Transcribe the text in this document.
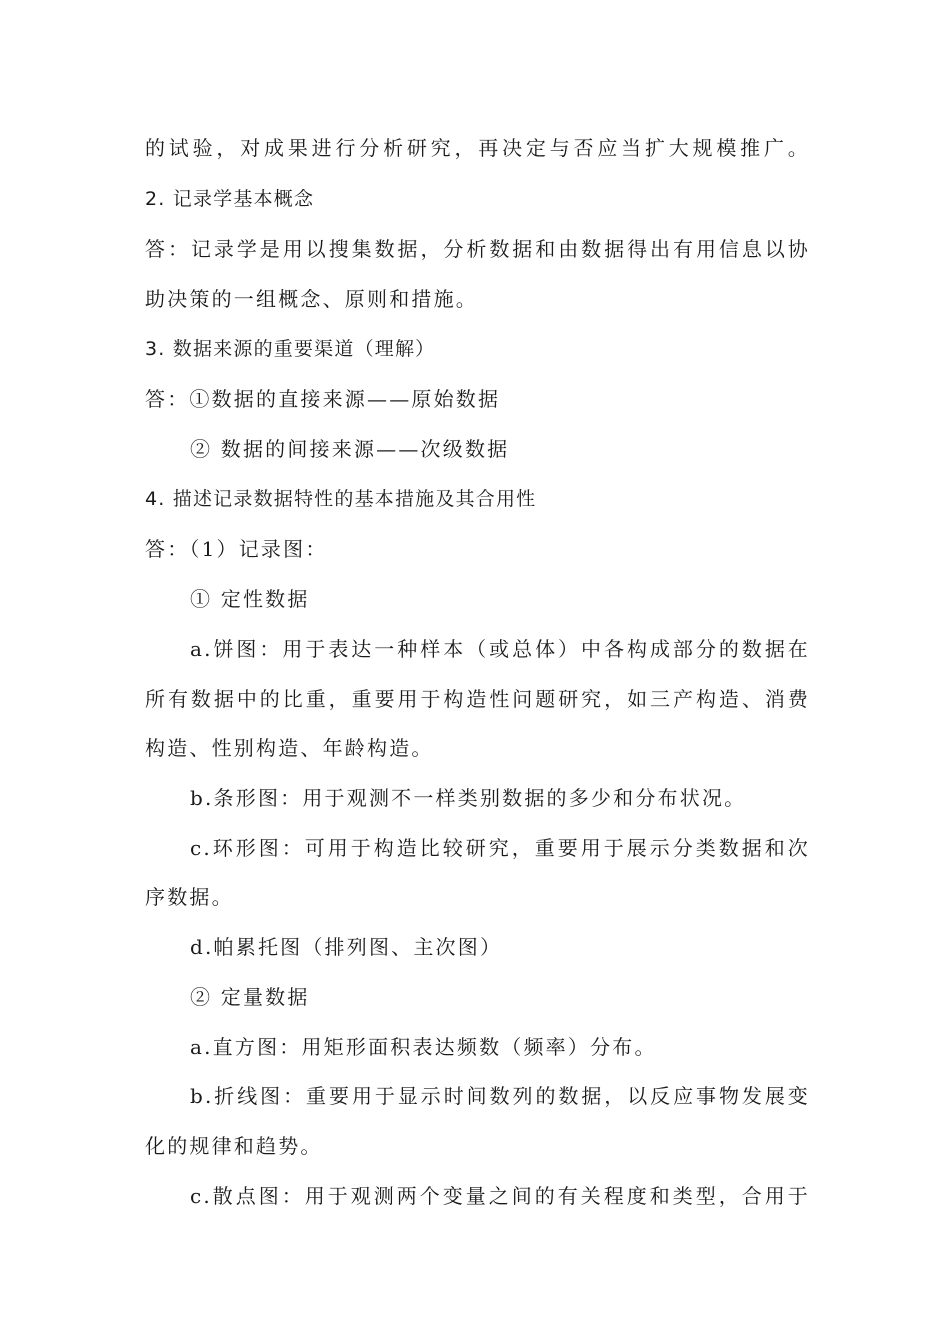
的试验，对成果进行分析研究，再决定与否应当扩大规模推广。
2. 记录学基本概念
答：记录学是用以搜集数据，分析数据和由数据得出有用信息以协
助决策的一组概念、原则和措施。
3. 数据来源的重要渠道（理解）
答：①数据的直接来源——原始数据
② 数据的间接来源——次级数据
4. 描述记录数据特性的基本措施及其合用性
答：（1）记录图：
① 定性数据
a.饼图：用于表达一种样本（或总体）中各构成部分的数据在
所有数据中的比重，重要用于构造性问题研究，如三产构造、消费
构造、性别构造、年龄构造。
b.条形图：用于观测不一样类别数据的多少和分布状况。
c.环形图：可用于构造比较研究，重要用于展示分类数据和次
序数据。
d.帕累托图（排列图、主次图）
② 定量数据
a.直方图：用矩形面积表达频数（频率）分布。
b.折线图：重要用于显示时间数列的数据，以反应事物发展变
化的规律和趋势。
c.散点图：用于观测两个变量之间的有关程度和类型，合用于
